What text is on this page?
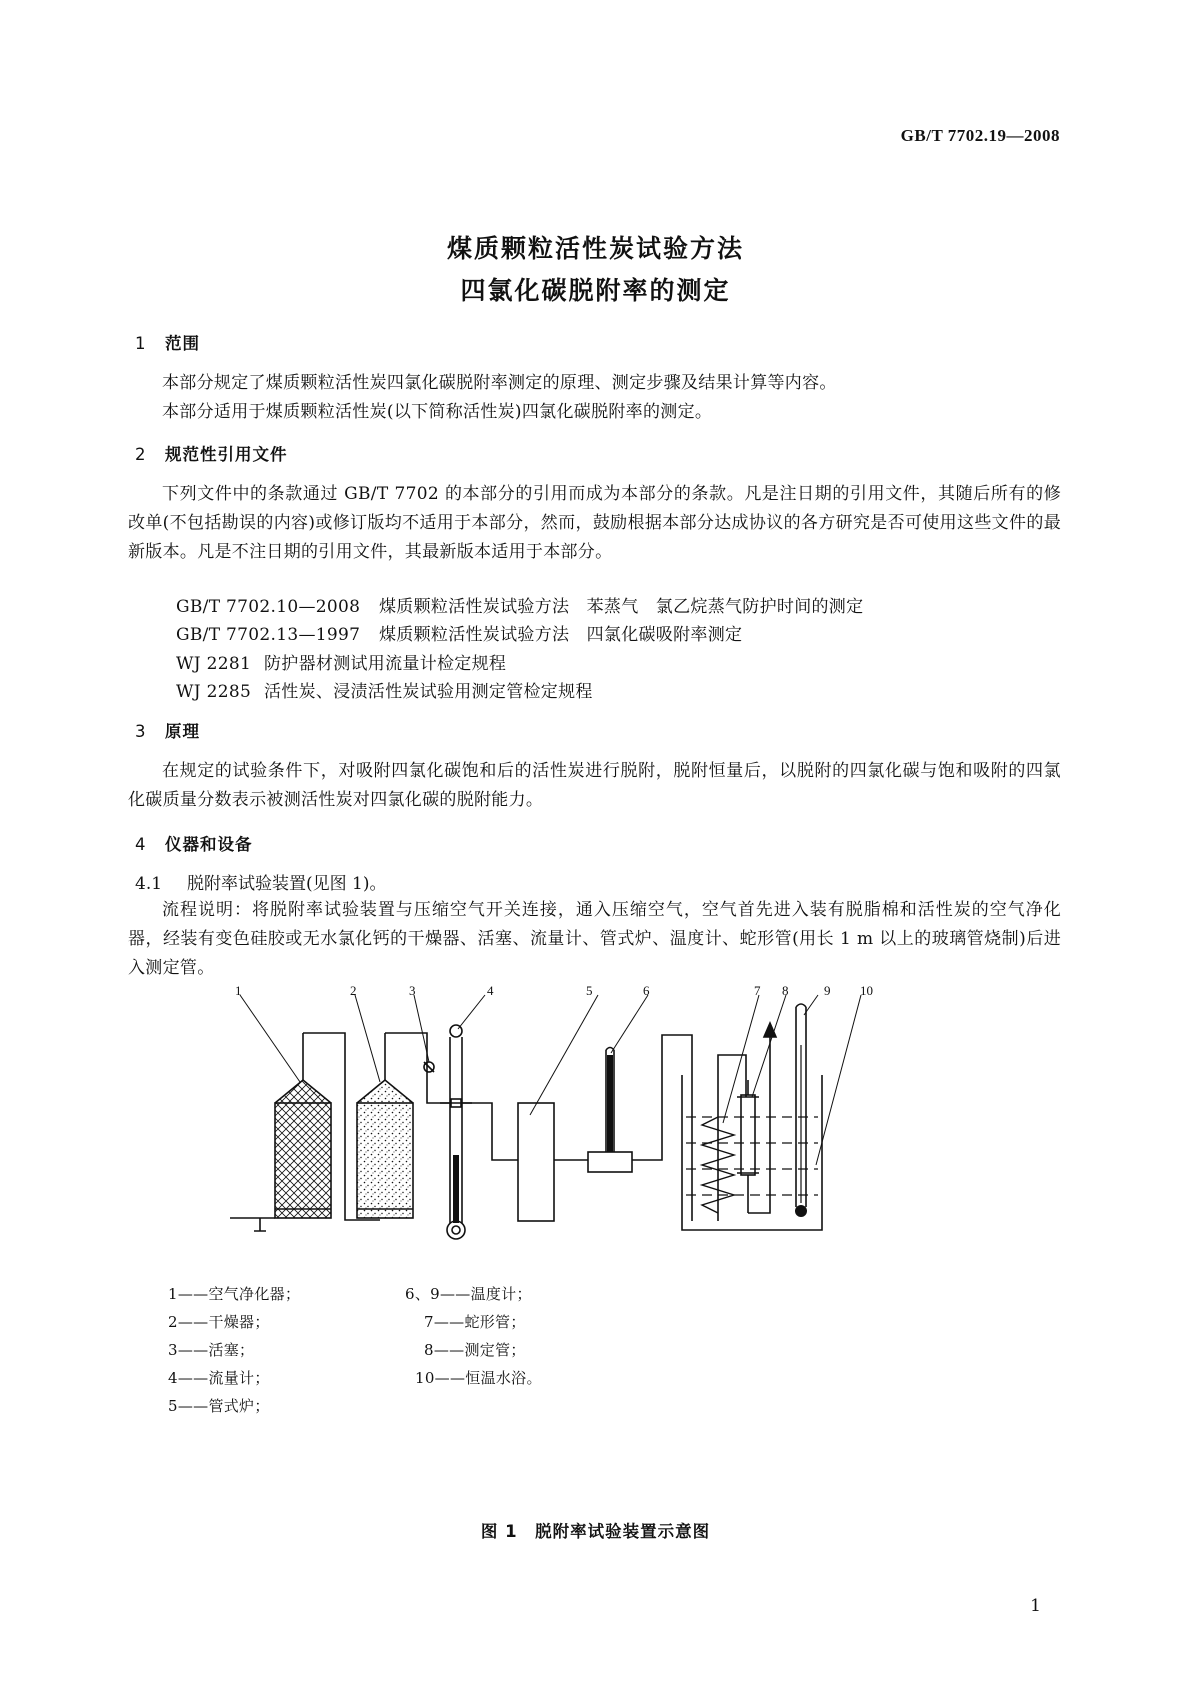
GB/T 7702.19—2008
煤质颗粒活性炭试验方法
四氯化碳脱附率的测定
1 范围

本部分规定了煤质颗粒活性炭四氯化碳脱附率测定的原理、测定步骤及结果计算等内容。

本部分适用于煤质颗粒活性炭(以下简称活性炭)四氯化碳脱附率的测定。

2 规范性引用文件

下列文件中的条款通过 GB/T 7702 的本部分的引用而成为本部分的条款。凡是注日期的引用文件，其随后所有的修改单(不包括勘误的内容)或修订版均不适用于本部分，然而，鼓励根据本部分达成协议的各方研究是否可使用这些文件的最新版本。凡是不注日期的引用文件，其最新版本适用于本部分。

GB/T 7702.10—2008 煤质颗粒活性炭试验方法　苯蒸气　氯乙烷蒸气防护时间的测定
GB/T 7702.13—1997 煤质颗粒活性炭试验方法　四氯化碳吸附率测定
WJ 2281 防护器材测试用流量计检定规程
WJ 2285 活性炭、浸渍活性炭试验用测定管检定规程
3 原理

在规定的试验条件下，对吸附四氯化碳饱和后的活性炭进行脱附，脱附恒量后，以脱附的四氯化碳与饱和吸附的四氯化碳质量分数表示被测活性炭对四氯化碳的脱附能力。

4 仪器和设备
4.1 脱附率试验装置(见图 1)。

流程说明：将脱附率试验装置与压缩空气开关连接，通入压缩空气，空气首先进入装有脱脂棉和活性炭的空气净化器，经装有变色硅胶或无水氯化钙的干燥器、活塞、流量计、管式炉、温度计、蛇形管(用长 1 m 以上的玻璃管烧制)后进入测定管。

1	2	3	4	5	6	7 8	9 10
1——空气净化器；
2——干燥器；
3——活塞；
4——流量计；
5——管式炉；
6、9——温度计；
7——蛇形管；
8——测定管；
10——恒温水浴。
图 1　脱附率试验装置示意图
1
